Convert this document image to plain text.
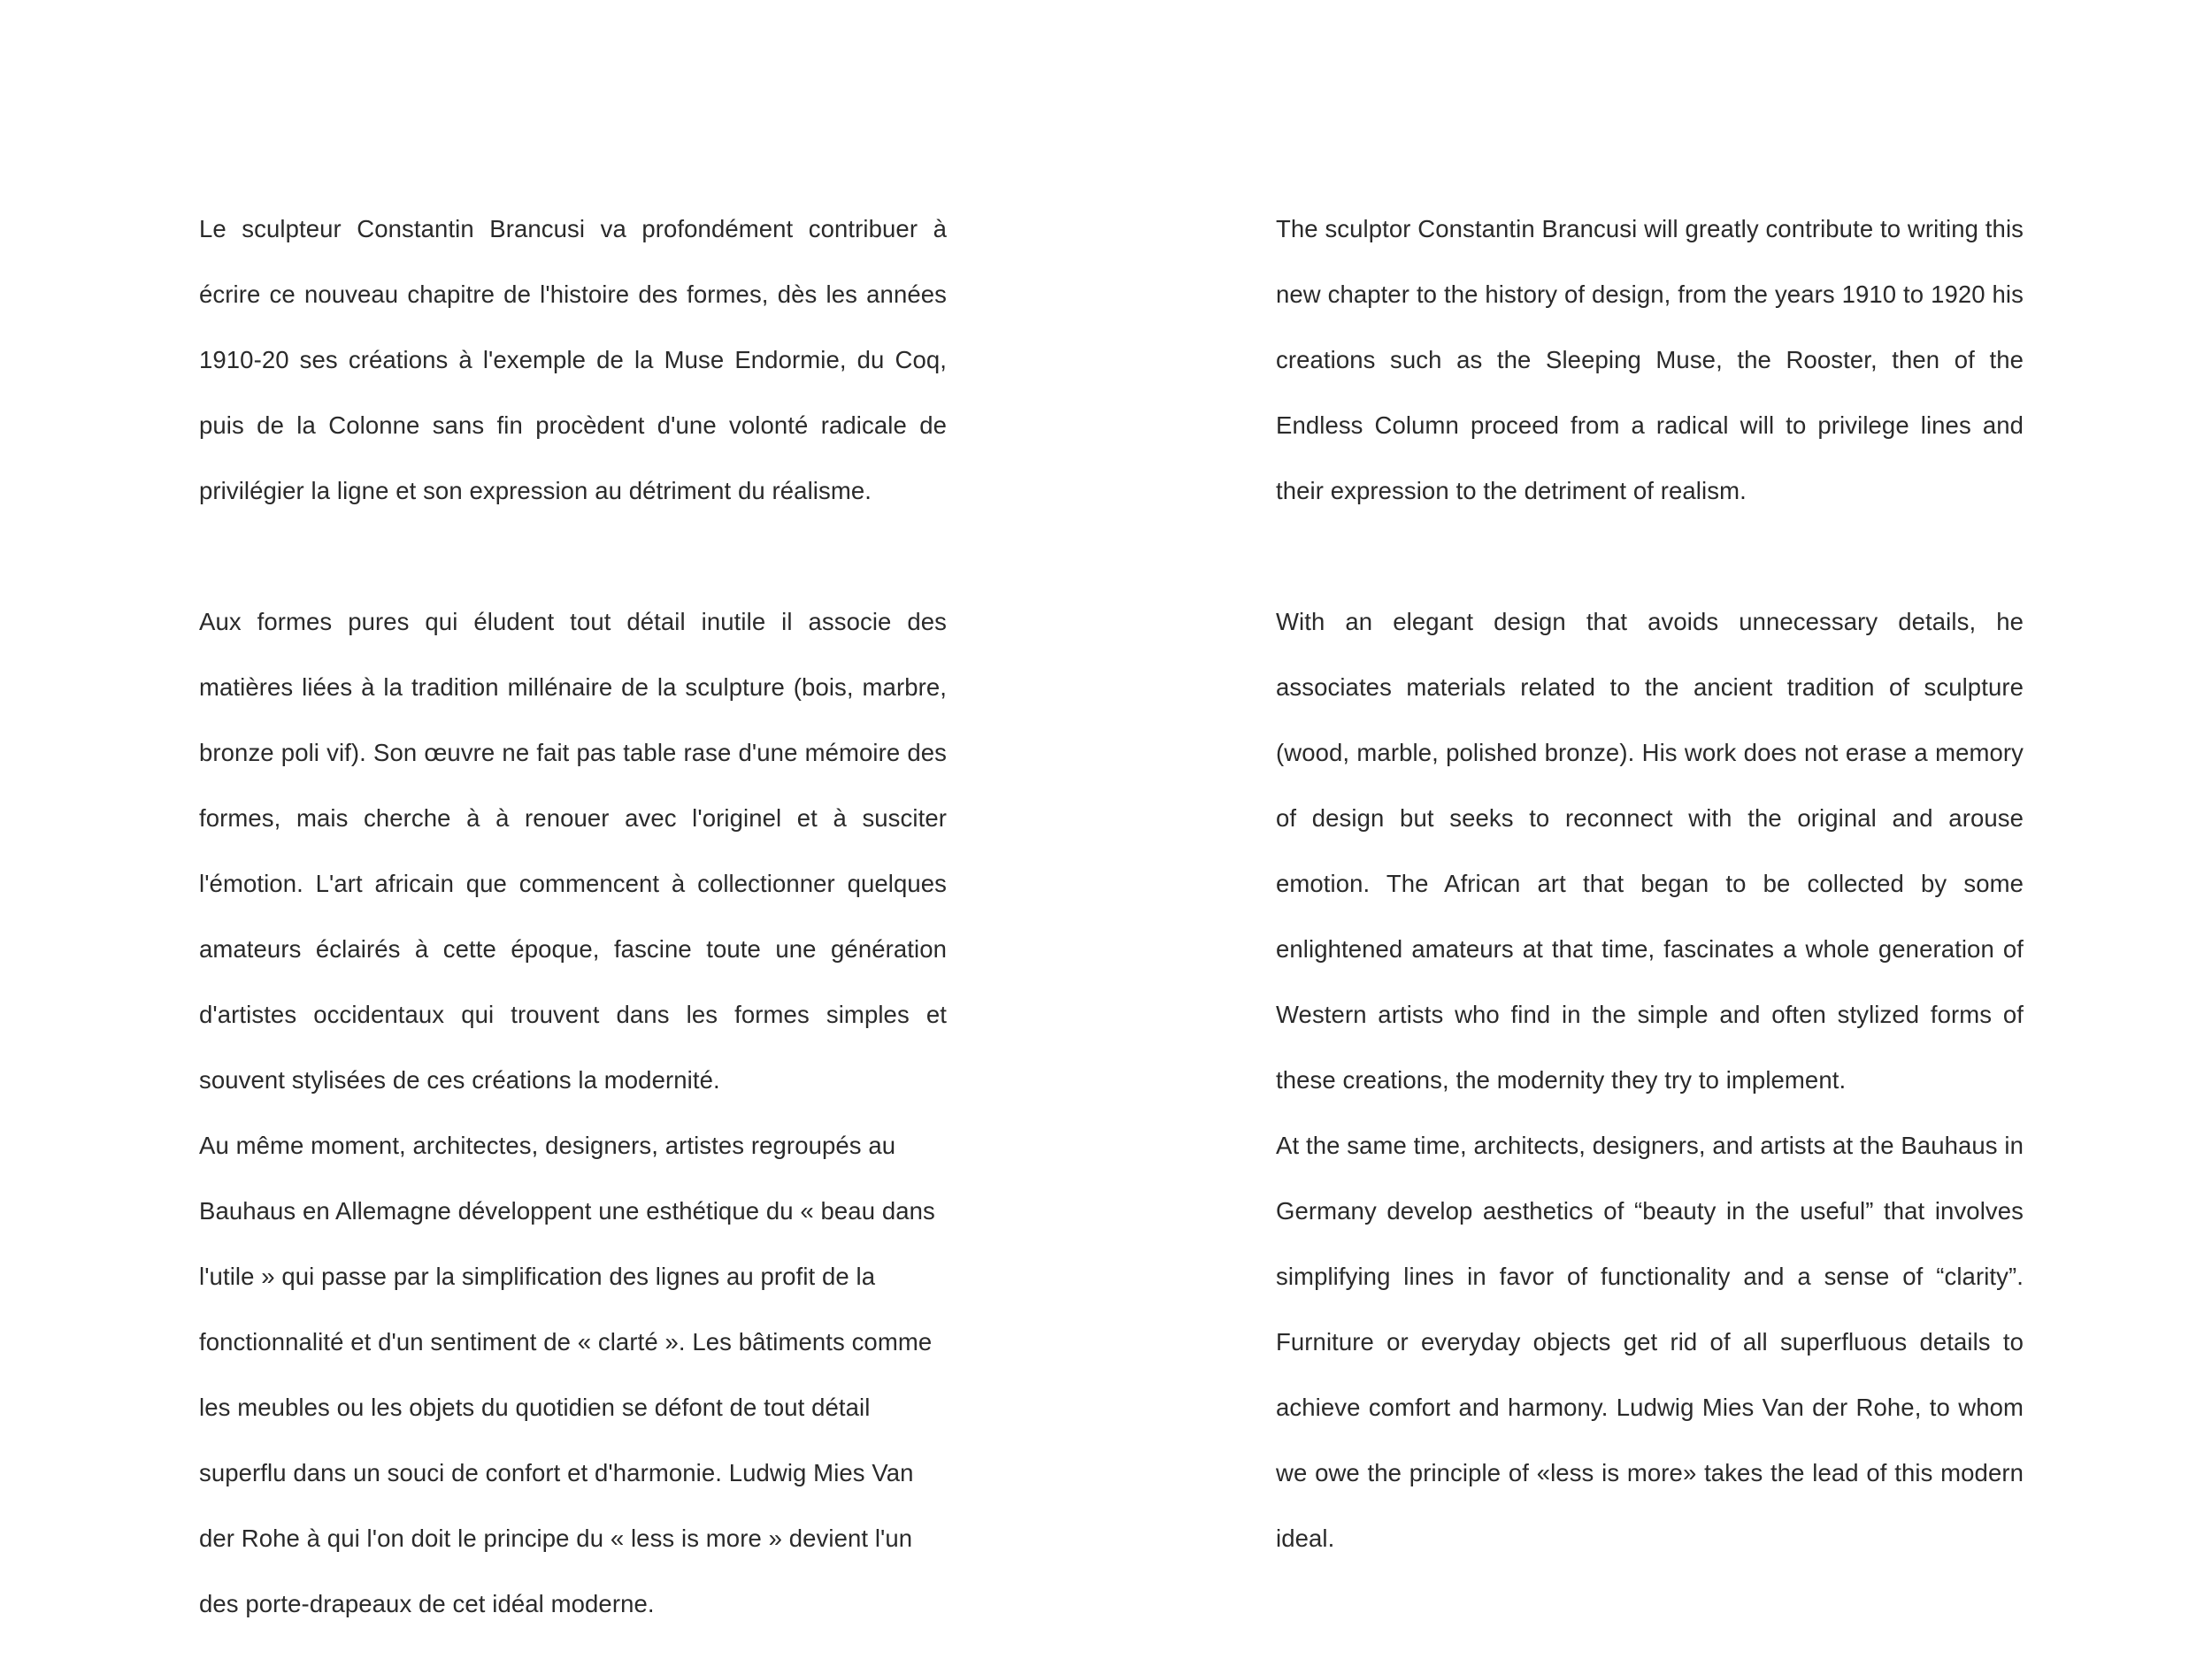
Le sculpteur Constantin Brancusi va profondément contribuer à écrire ce nouveau chapitre de l'histoire des formes, dès les années 1910-20 ses créations à l'exemple de la Muse Endormie, du Coq, puis de la Colonne sans fin procèdent d'une volonté radicale de privilégier la ligne et son expression au détriment du réalisme.

Aux formes pures qui éludent tout détail inutile il associe des matières liées à la tradition millénaire de la sculpture (bois, marbre, bronze poli vif). Son œuvre ne fait pas table rase d'une mémoire des formes, mais cherche à à renouer avec l'originel et à susciter l'émotion. L'art africain que commencent à collectionner quelques amateurs éclairés à cette époque, fascine toute une génération d'artistes occidentaux qui trouvent dans les formes simples et souvent stylisées de ces créations la modernité.

Au même moment, architectes, designers, artistes regroupés au Bauhaus en Allemagne développent une esthétique du « beau dans l'utile » qui passe par la simplification des lignes au profit de la fonctionnalité et d'un sentiment de « clarté ». Les bâtiments comme les meubles ou les objets du quotidien se défont de tout détail superflu dans un souci de confort et d'harmonie. Ludwig Mies Van der Rohe à qui l'on doit le principe du « less is more » devient l'un des porte-drapeaux de cet idéal moderne.

The sculptor Constantin Brancusi will greatly contribute to writing this new chapter to the history of design, from the years 1910 to 1920 his creations such as the Sleeping Muse, the Rooster, then of the Endless Column proceed from a radical will to privilege lines and their expression to the detriment of realism.

With an elegant design that avoids unnecessary details, he associates materials related to the ancient tradition of sculpture (wood, marble, polished bronze). His work does not erase a memory of design but seeks to reconnect with the original and arouse emotion. The African art that began to be collected by some enlightened amateurs at that time, fascinates a whole generation of Western artists who find in the simple and often stylized forms of these creations, the modernity they try to implement.

At the same time, architects, designers, and artists at the Bauhaus in Germany develop aesthetics of “beauty in the useful” that involves simplifying lines in favor of functionality and a sense of “clarity”. Furniture or everyday objects get rid of all superfluous details to achieve comfort and harmony. Ludwig Mies Van der Rohe, to whom we owe the principle of «less is more» takes the lead of this modern ideal.
